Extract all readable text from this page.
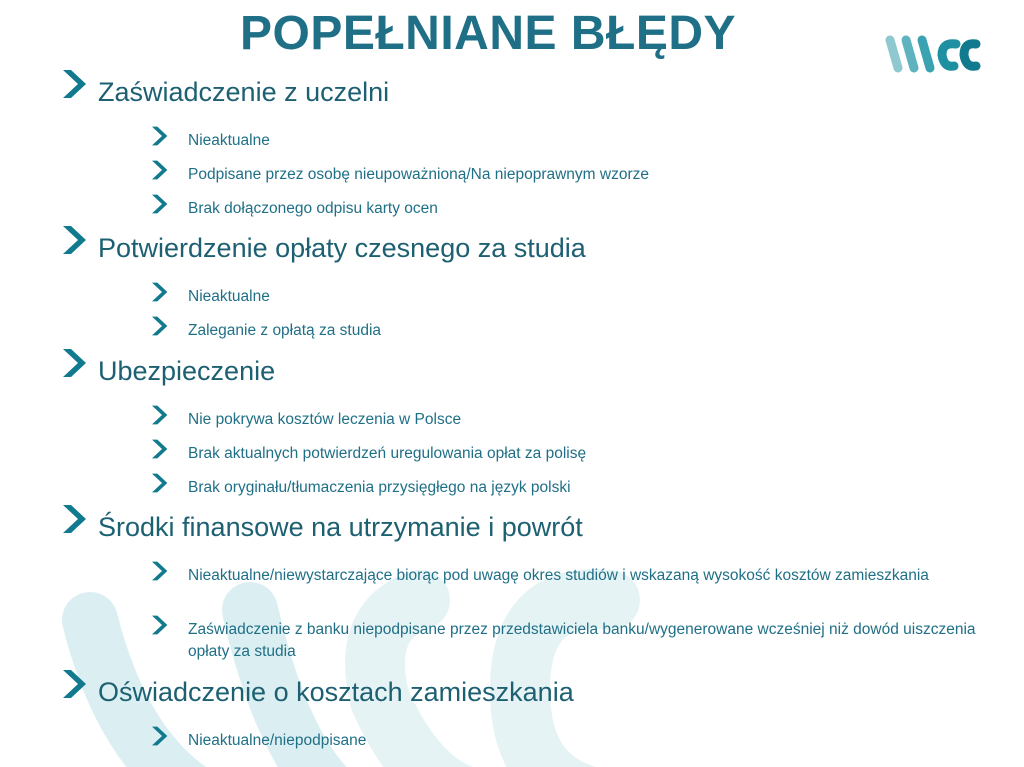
POPEŁNIANE BŁĘDY
Zaświadczenie z uczelni
Nieaktualne
Podpisane przez osobę nieupoważnioną/Na niepoprawnym wzorze
Brak dołączonego odpisu karty ocen
Potwierdzenie opłaty czesnego za studia
Nieaktualne
Zaleganie z opłatą za studia
Ubezpieczenie
Nie pokrywa kosztów leczenia w Polsce
Brak aktualnych potwierdzeń uregulowania opłat za polisę
Brak oryginału/tłumaczenia przysięgłego na język polski
Środki finansowe na utrzymanie i powrót
Nieaktualne/niewystarczające biorąc pod uwagę okres studiów i wskazaną wysokość kosztów zamieszkania
Zaświadczenie z banku niepodpisane przez przedstawiciela banku/wygenerowane wcześniej niż dowód uiszczenia opłaty za studia
Oświadczenie o kosztach zamieszkania
Nieaktualne/niepodpisane
